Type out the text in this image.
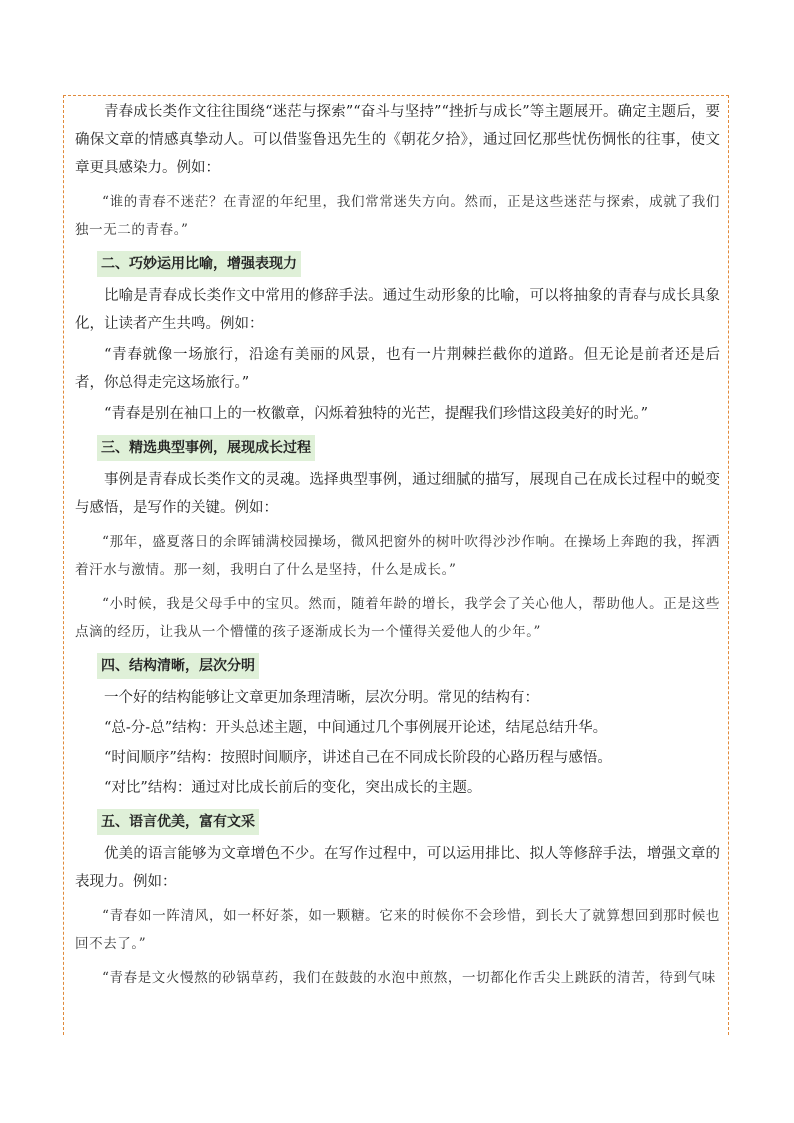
青春成长类作文往往围绕“迷茫与探索”“奋斗与坚持”“挫折与成长”等主题展开。确定主题后，要确保文章的情感真挚动人。可以借鉴鲁迅先生的《朝花夕拾》，通过回忆那些忧伤惆怅的往事，使文章更具感染力。例如：

“谁的青春不迷茫？在青涩的年纪里，我们常常迷失方向。然而，正是这些迷茫与探索，成就了我们独一无二的青春。”

二、巧妙运用比喻，增强表现力

比喻是青春成长类作文中常用的修辞手法。通过生动形象的比喻，可以将抽象的青春与成长具象化，让读者产生共鸣。例如：

“青春就像一场旅行，沿途有美丽的风景，也有一片荆棘拦截你的道路。但无论是前者还是后者，你总得走完这场旅行。”

“青春是别在袖口上的一枚徽章，闪烁着独特的光芒，提醒我们珍惜这段美好的时光。”

三、精选典型事例，展现成长过程

事例是青春成长类作文的灵魂。选择典型事例，通过细腻的描写，展现自己在成长过程中的蜕变与感悟，是写作的关键。例如：

“那年，盛夏落日的余晖铺满校园操场，微风把窗外的树叶吹得沙沙作响。在操场上奔跑的我，挥洒着汗水与激情。那一刻，我明白了什么是坚持，什么是成长。”

“小时候，我是父母手中的宝贝。然而，随着年龄的增长，我学会了关心他人，帮助他人。正是这些点滴的经历，让我从一个懵懂的孩子逐渐成长为一个懂得关爱他人的少年。”

四、结构清晰，层次分明

一个好的结构能够让文章更加条理清晰，层次分明。常见的结构有：

“总-分-总”结构：开头总述主题，中间通过几个事例展开论述，结尾总结升华。

“时间顺序”结构：按照时间顺序，讲述自己在不同成长阶段的心路历程与感悟。

“对比”结构：通过对比成长前后的变化，突出成长的主题。

五、语言优美，富有文采

优美的语言能够为文章增色不少。在写作过程中，可以运用排比、拟人等修辞手法，增强文章的表现力。例如：

“青春如一阵清风，如一杯好茶，如一颗糖。它来的时候你不会珍惜，到长大了就算想回到那时候也回不去了。”

“青春是文火慢熬的砂锅草药，我们在鼓鼓的水泡中煎熬，一切都化作舌尖上跳跃的清苦，待到气味
